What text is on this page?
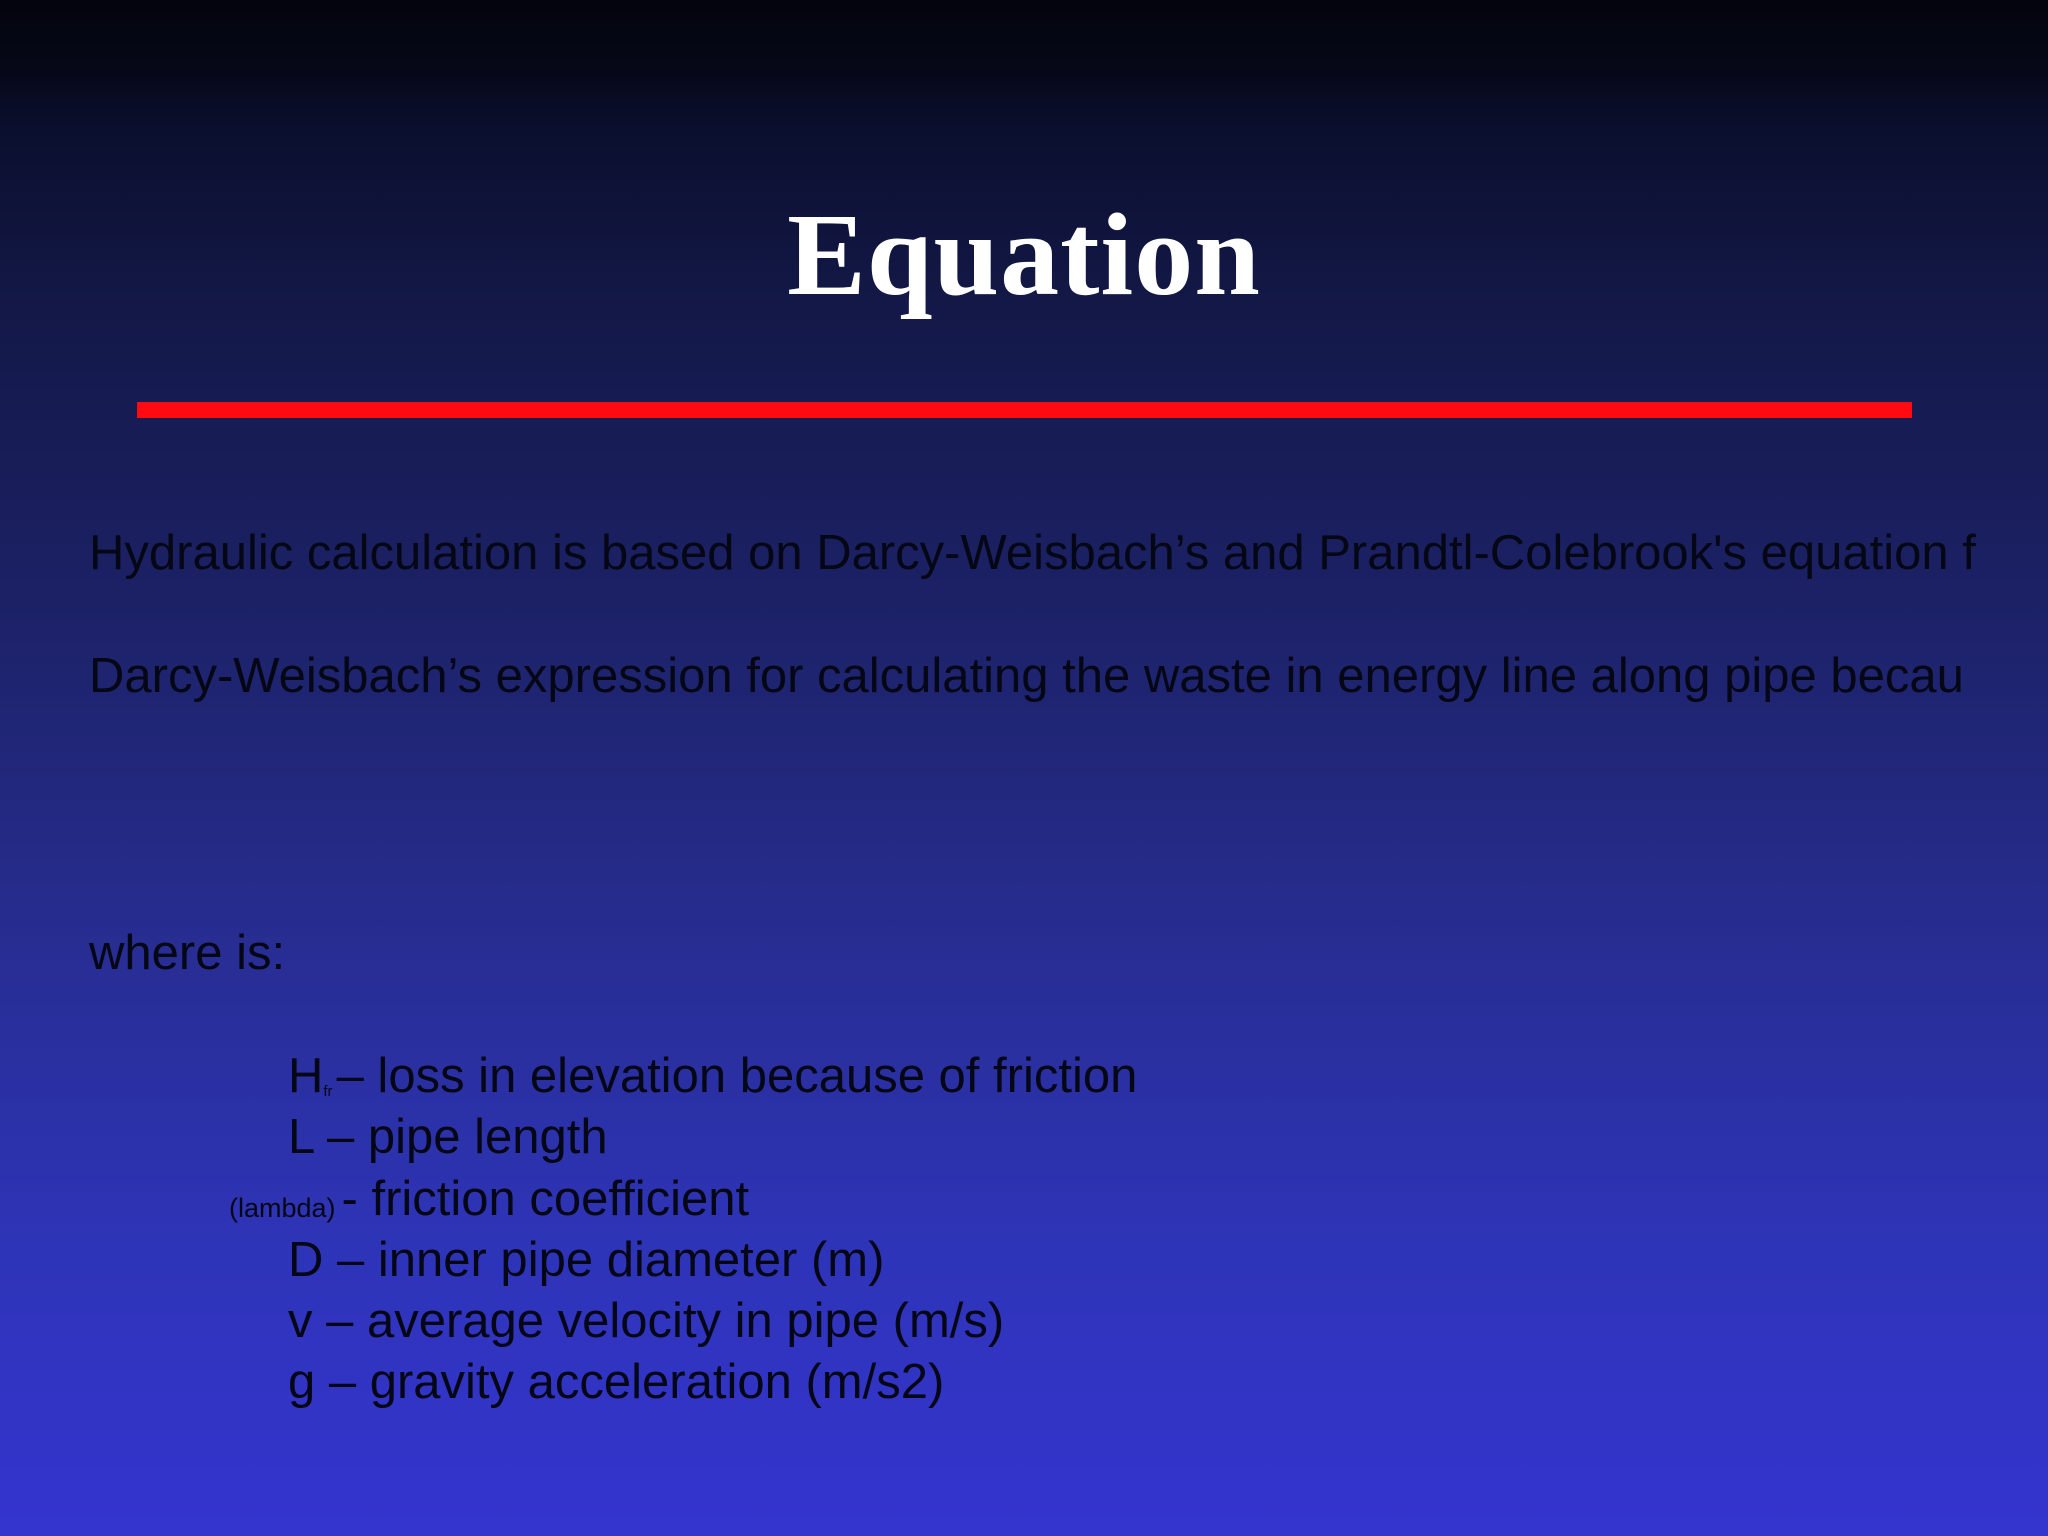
Equation
Hydraulic calculation is based on Darcy-Weisbach’s and Prandtl-Colebrook's equation f
Darcy-Weisbach’s expression for calculating the waste in energy line along pipe becau
where is:
Hfr– loss in elevation because of friction
L – pipe length
(lambda) - friction coefficient
D – inner pipe diameter (m)
v – average velocity in pipe (m/s)
g – gravity acceleration (m/s2)
